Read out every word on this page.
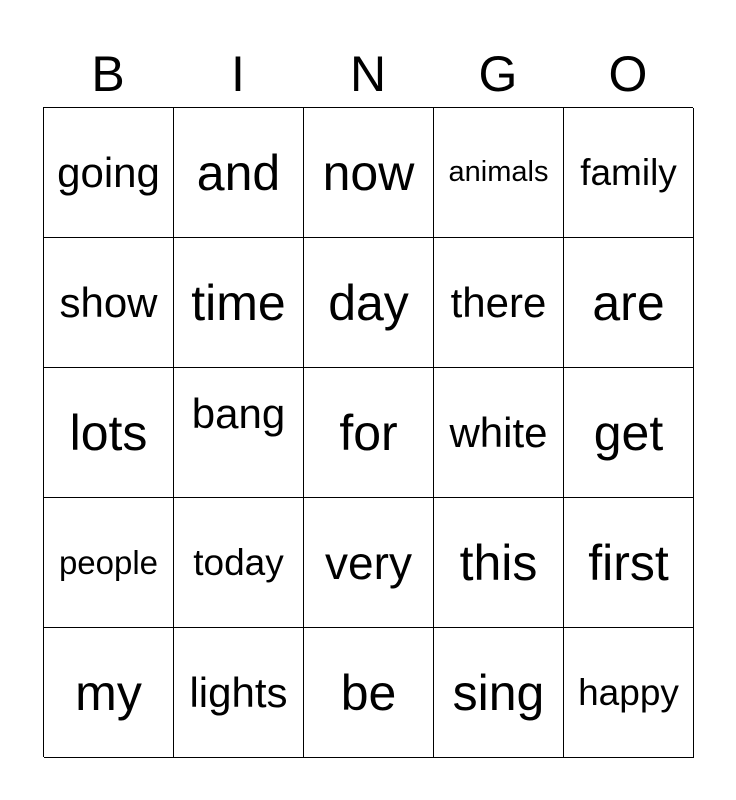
B	I	N	G	O
going and now animals family
show time day there are
lots bang for white get
people today very this first
my lights be sing happy
